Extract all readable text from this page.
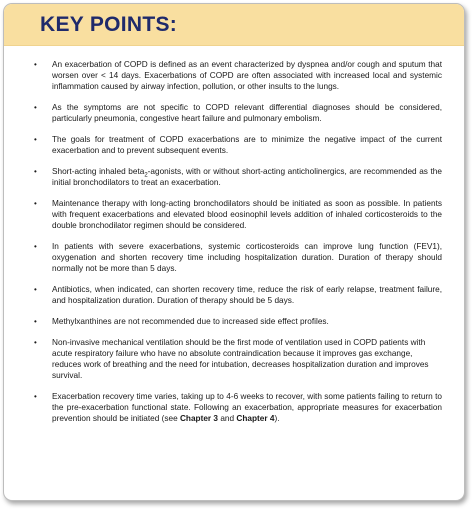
KEY POINTS:
• An exacerbation of COPD is defined as an event characterized by dyspnea and/or cough and sputum that worsen over < 14 days. Exacerbations of COPD are often associated with increased local and systemic inflammation caused by airway infection, pollution, or other insults to the lungs.
• As the symptoms are not specific to COPD relevant differential diagnoses should be considered, particularly pneumonia, congestive heart failure and pulmonary embolism.
• The goals for treatment of COPD exacerbations are to minimize the negative impact of the current exacerbation and to prevent subsequent events.
• Short-acting inhaled beta$_2$-agonists, with or without short-acting anticholinergics, are recommended as the initial bronchodilators to treat an exacerbation.
• Maintenance therapy with long-acting bronchodilators should be initiated as soon as possible. In patients with frequent exacerbations and elevated blood eosinophil levels addition of inhaled corticosteroids to the double bronchodilator regimen should be considered.
• In patients with severe exacerbations, systemic corticosteroids can improve lung function (FEV1), oxygenation and shorten recovery time including hospitalization duration. Duration of therapy should normally not be more than 5 days.
• Antibiotics, when indicated, can shorten recovery time, reduce the risk of early relapse, treatment failure, and hospitalization duration. Duration of therapy should be 5 days.
• Methylxanthines are not recommended due to increased side effect profiles.
• Non-invasive mechanical ventilation should be the first mode of ventilation used in COPD patients with acute respiratory failure who have no absolute contraindication because it improves gas exchange, reduces work of breathing and the need for intubation, decreases hospitalization duration and improves survival.
• Exacerbation recovery time varies, taking up to 4-6 weeks to recover, with some patients failing to return to the pre-exacerbation functional state. Following an exacerbation, appropriate measures for exacerbation prevention should be initiated (see Chapter 3 and Chapter 4).
